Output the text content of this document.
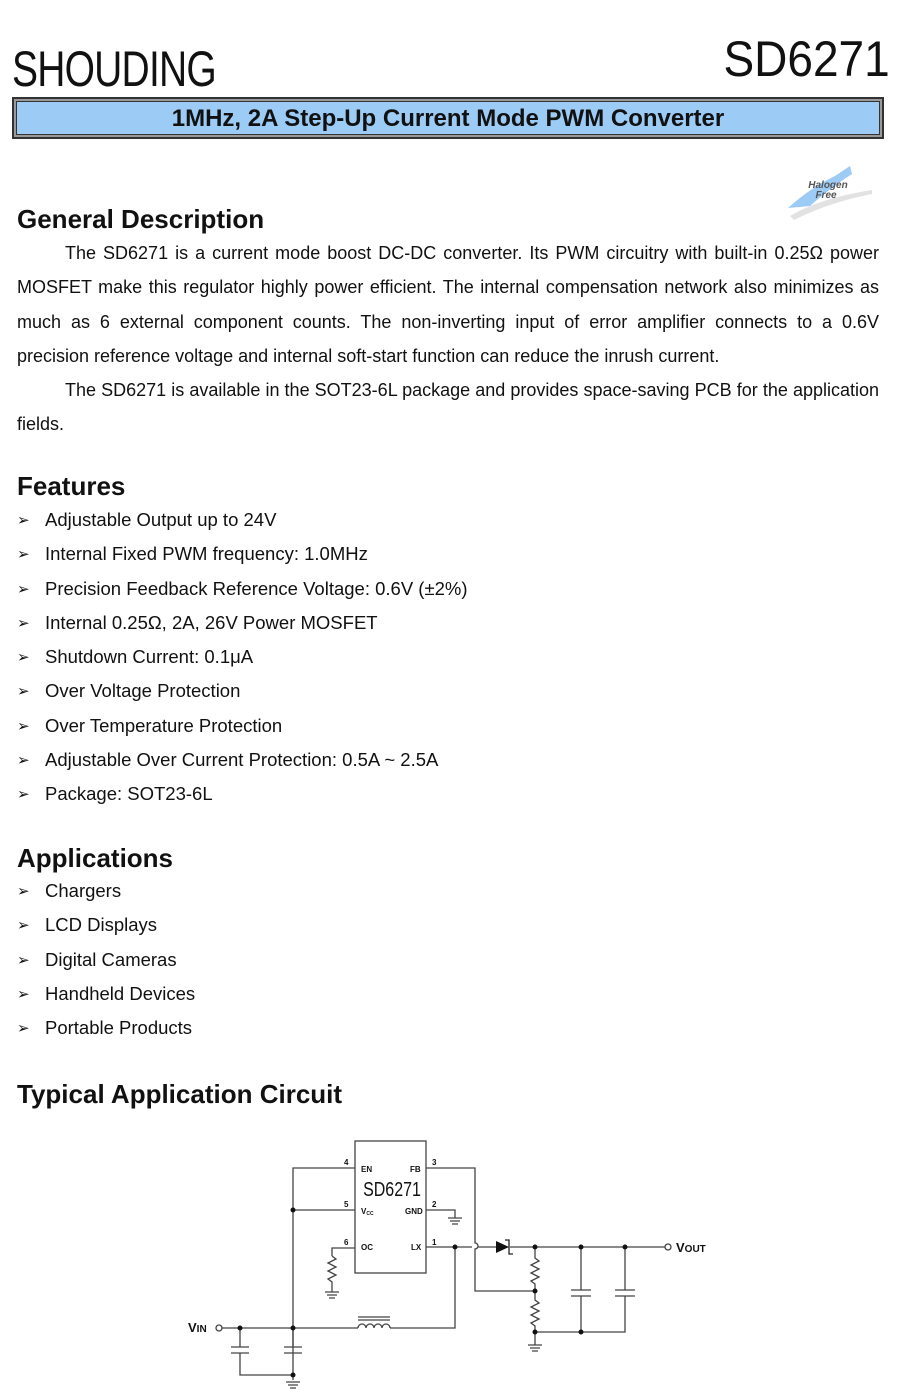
SHOUDING	SD6271
1MHz, 2A Step-Up Current Mode PWM Converter
Halogen
Free
General Description

The SD6271 is a current mode boost DC-DC converter. Its PWM circuitry with built-in 0.25Ω power MOSFET make this regulator highly power efficient. The internal compensation network also minimizes as much as 6 external component counts. The non-inverting input of error amplifier connects to a 0.6V precision reference voltage and internal soft-start function can reduce the inrush current.

The SD6271 is available in the SOT23-6L package and provides space-saving PCB for the application fields.

Features
➢ Adjustable Output up to 24V
➢ Internal Fixed PWM frequency: 1.0MHz
➢ Precision Feedback Reference Voltage: 0.6V (±2%)
➢ Internal 0.25Ω, 2A, 26V Power MOSFET
➢ Shutdown Current: 0.1μA
➢ Over Voltage Protection
➢ Over Temperature Protection
➢ Adjustable Over Current Protection: 0.5A ~ 2.5A
➢ Package: SOT23-6L
Applications
➢ Chargers
➢ LCD Displays
➢ Digital Cameras
➢ Handheld Devices
➢ Portable Products
Typical Application Circuit
SD6271
4
EN
5
VCC
6
OC
3
FB
2
GND
1
LX
VIN
VOUT
